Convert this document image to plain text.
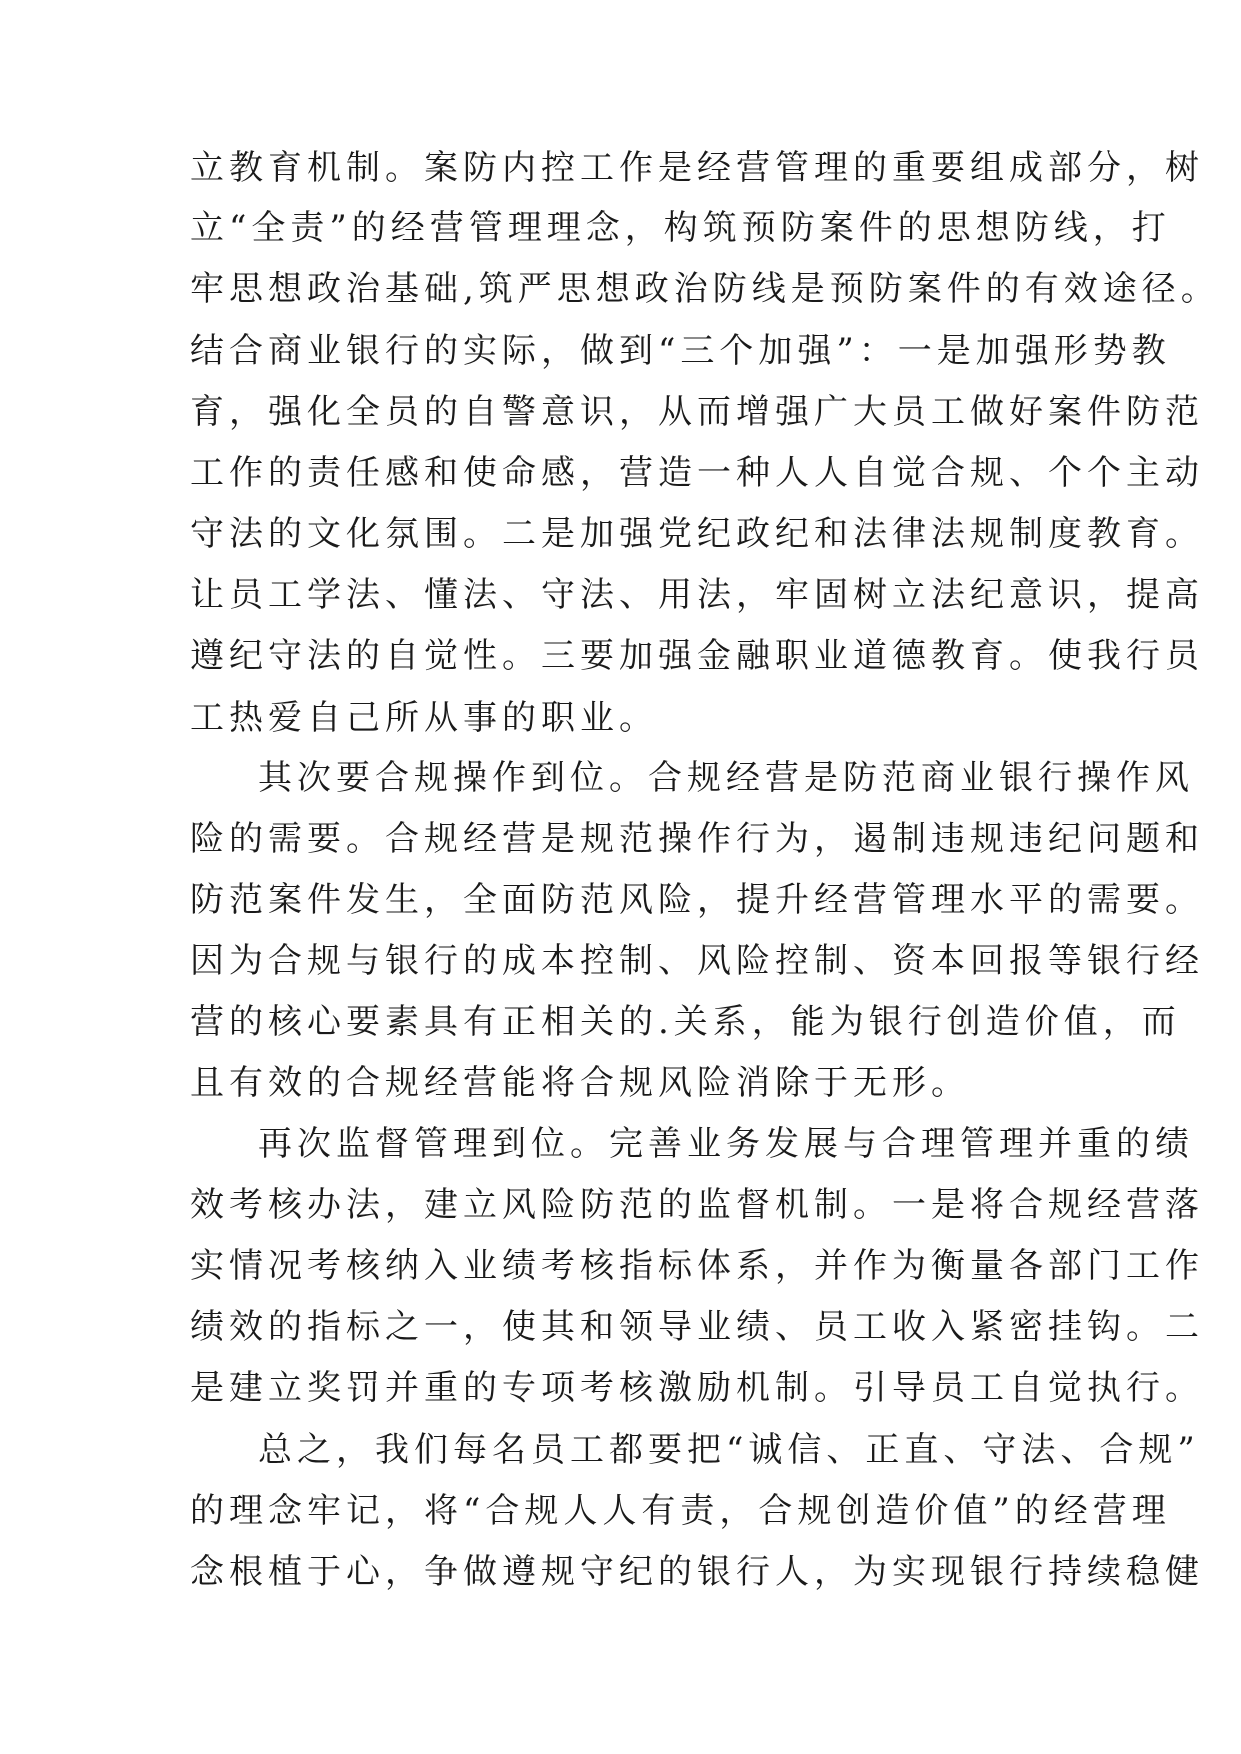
立教育机制。案防内控工作是经营管理的重要组成部分，树
立“全责”的经营管理理念，构筑预防案件的思想防线，打
牢思想政治基础,筑严思想政治防线是预防案件的有效途径。
结合商业银行的实际，做到“三个加强”：一是加强形势教
育，强化全员的自警意识，从而增强广大员工做好案件防范
工作的责任感和使命感，营造一种人人自觉合规、个个主动
守法的文化氛围。二是加强党纪政纪和法律法规制度教育。
让员工学法、懂法、守法、用法，牢固树立法纪意识，提高
遵纪守法的自觉性。三要加强金融职业道德教育。使我行员
工热爱自己所从事的职业。
其次要合规操作到位。合规经营是防范商业银行操作风
险的需要。合规经营是规范操作行为，遏制违规违纪问题和
防范案件发生，全面防范风险，提升经营管理水平的需要。
因为合规与银行的成本控制、风险控制、资本回报等银行经
营的核心要素具有正相关的.关系，能为银行创造价值，而
且有效的合规经营能将合规风险消除于无形。
再次监督管理到位。完善业务发展与合理管理并重的绩
效考核办法，建立风险防范的监督机制。一是将合规经营落
实情况考核纳入业绩考核指标体系，并作为衡量各部门工作
绩效的指标之一，使其和领导业绩、员工收入紧密挂钩。二
是建立奖罚并重的专项考核激励机制。引导员工自觉执行。
总之，我们每名员工都要把“诚信、正直、守法、合规”
的理念牢记，将“合规人人有责，合规创造价值”的经营理
念根植于心，争做遵规守纪的银行人，为实现银行持续稳健
